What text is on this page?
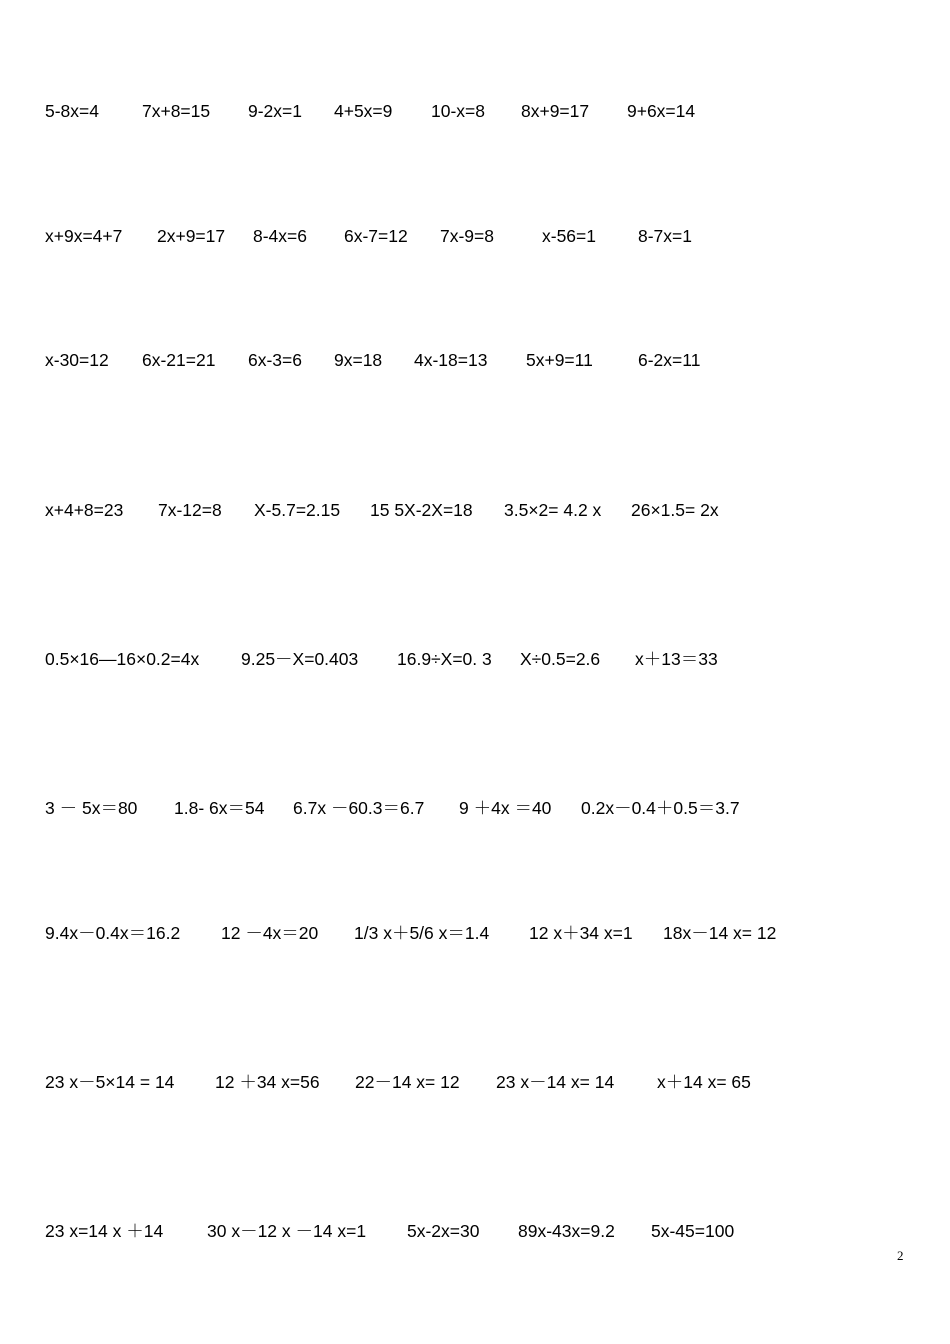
5-8x=4 7x+8=15 9-2x=1 4+5x=9 10-x=8 8x+9=17 9+6x=14
x+9x=4+7 2x+9=17 8-4x=6 6x-7=12 7x-9=8	x-56=1 8-7x=1
x-30=12 6x-21=21 6x-3=6 9x=18 4x-18=13 5x+9=11	6-2x=11
x+4+8=23 7x-12=8 X-5.7=2.15 15 5X-2X=18 3.5×2= 4.2 x 26×1.5= 2x
0.5×16—16×0.2=4x 9.25－X=0.403 16.9÷X=0. 3 X÷0.5=2.6 x＋13＝33
3 － 5x＝80 1.8- 6x＝54 6.7x －60.3＝6.7 9 ＋4x ＝40 0.2x－0.4＋0.5＝3.7
9.4x－0.4x＝16.2 12 －4x＝20 1/3 x＋5/6 x＝1.4 12 x＋34 x=1 18x－14 x= 12
23 x－5×14 = 14 12 ＋34 x=56 22－14 x= 12 23 x－14 x= 14 x＋14 x= 65
23 x=14 x ＋14	30 x－12 x －14 x=1 5x-2x=30 89x-43x=9.2 5x-45=100
2
